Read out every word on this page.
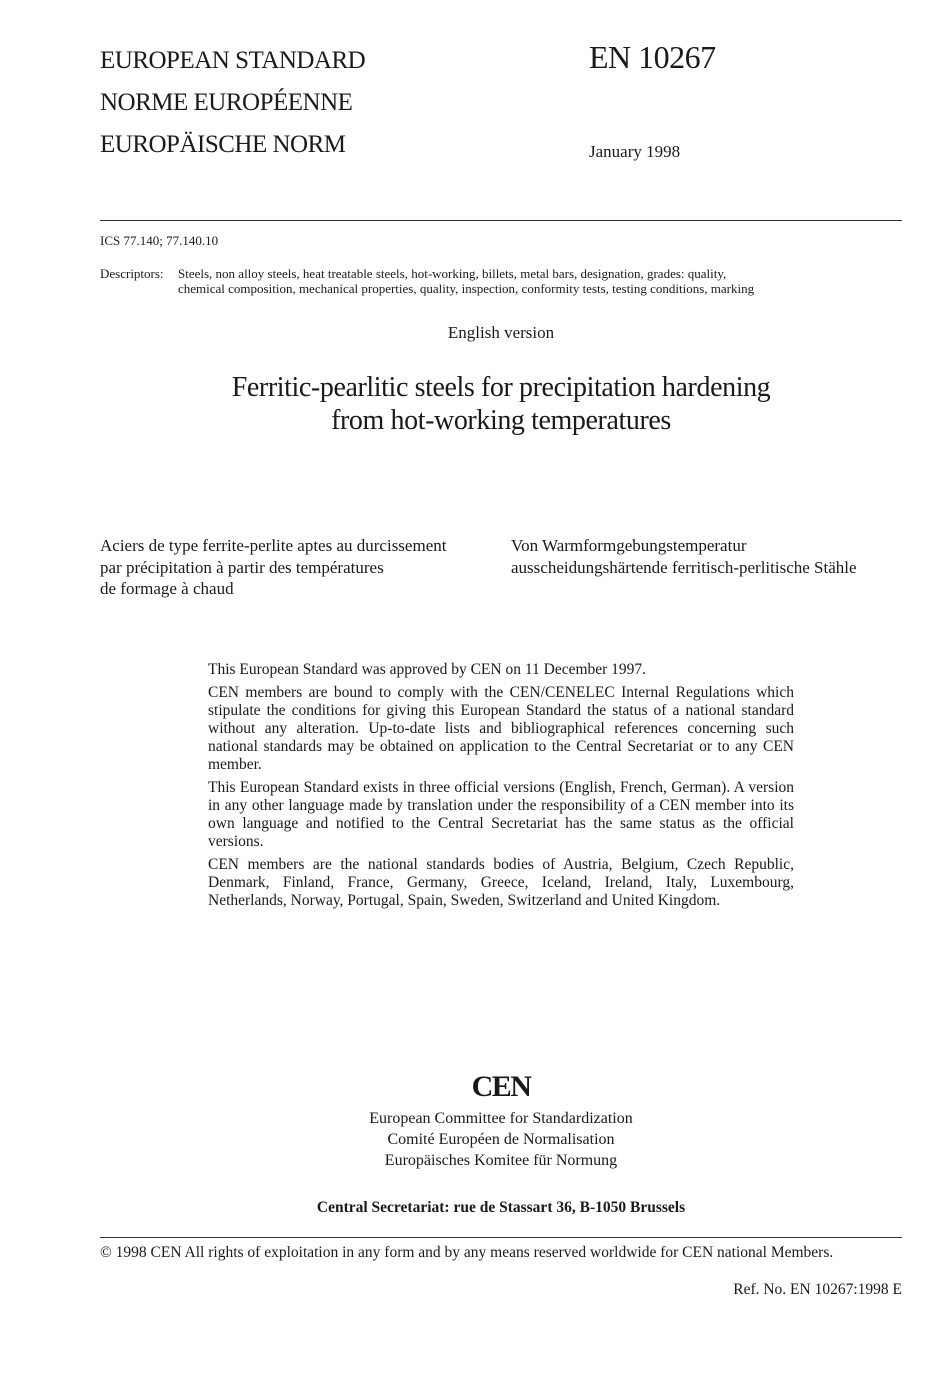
EUROPEAN STANDARD
NORME EUROPÉENNE
EUROPÄISCHE NORM
EN 10267
January 1998
ICS 77.140; 77.140.10
Descriptors: Steels, non alloy steels, heat treatable steels, hot-working, billets, metal bars, designation, grades: quality,
chemical composition, mechanical properties, quality, inspection, conformity tests, testing conditions, marking
English version
Ferritic-pearlitic steels for precipitation hardening
from hot-working temperatures
Aciers de type ferrite-perlite aptes au durcissement
par précipitation à partir des températures
de formage à chaud
Von Warmformgebungstemperatur
ausscheidungshärtende ferritisch-perlitische Stähle

This European Standard was approved by CEN on 11 December 1997.

CEN members are bound to comply with the CEN/CENELEC Internal Regulations which stipulate the conditions for giving this European Standard the status of a national standard without any alteration. Up-to-date lists and bibliographical references concerning such national standards may be obtained on application to the Central Secretariat or to any CEN member.

This European Standard exists in three official versions (English, French, German). A version in any other language made by translation under the responsibility of a CEN member into its own language and notified to the Central Secretariat has the same status as the official versions.

CEN members are the national standards bodies of Austria, Belgium, Czech Republic, Denmark, Finland, France, Germany, Greece, Iceland, Ireland, Italy, Luxembourg, Netherlands, Norway, Portugal, Spain, Sweden, Switzerland and United Kingdom.

CEN
European Committee for Standardization
Comité Européen de Normalisation
Europäisches Komitee für Normung
Central Secretariat: rue de Stassart 36, B-1050 Brussels
© 1998 CEN All rights of exploitation in any form and by any means reserved worldwide for CEN national Members.
Ref. No. EN 10267:1998 E
